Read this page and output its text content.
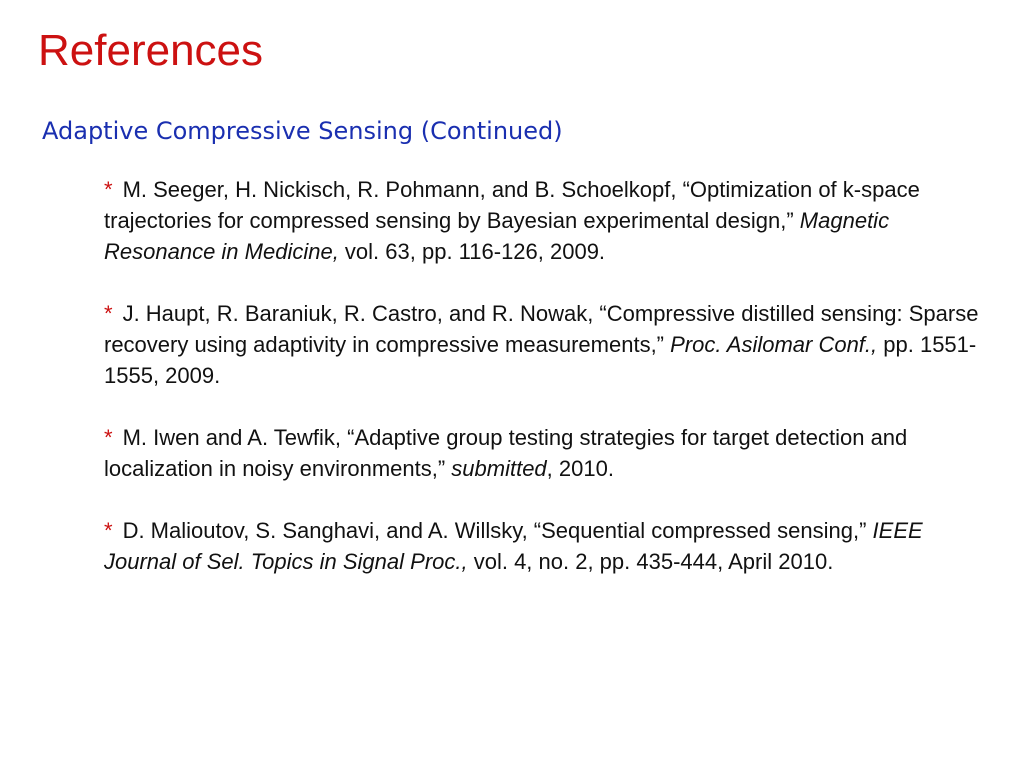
References
Adaptive Compressive Sensing (Continued)
* M. Seeger, H. Nickisch, R. Pohmann, and B. Schoelkopf, “Optimization of k-space trajectories for compressed sensing by Bayesian experimental design,” Magnetic Resonance in Medicine, vol. 63, pp. 116-126, 2009.
* J. Haupt, R. Baraniuk, R. Castro, and R. Nowak, “Compressive distilled sensing: Sparse recovery using adaptivity in compressive measurements,” Proc. Asilomar Conf., pp. 1551-1555, 2009.
* M. Iwen and A. Tewfik, “Adaptive group testing strategies for target detection and localization in noisy environments,” submitted, 2010.
* D. Malioutov, S. Sanghavi, and A. Willsky, “Sequential compressed sensing,” IEEE Journal of Sel. Topics in Signal Proc., vol. 4, no. 2, pp. 435-444, April 2010.
